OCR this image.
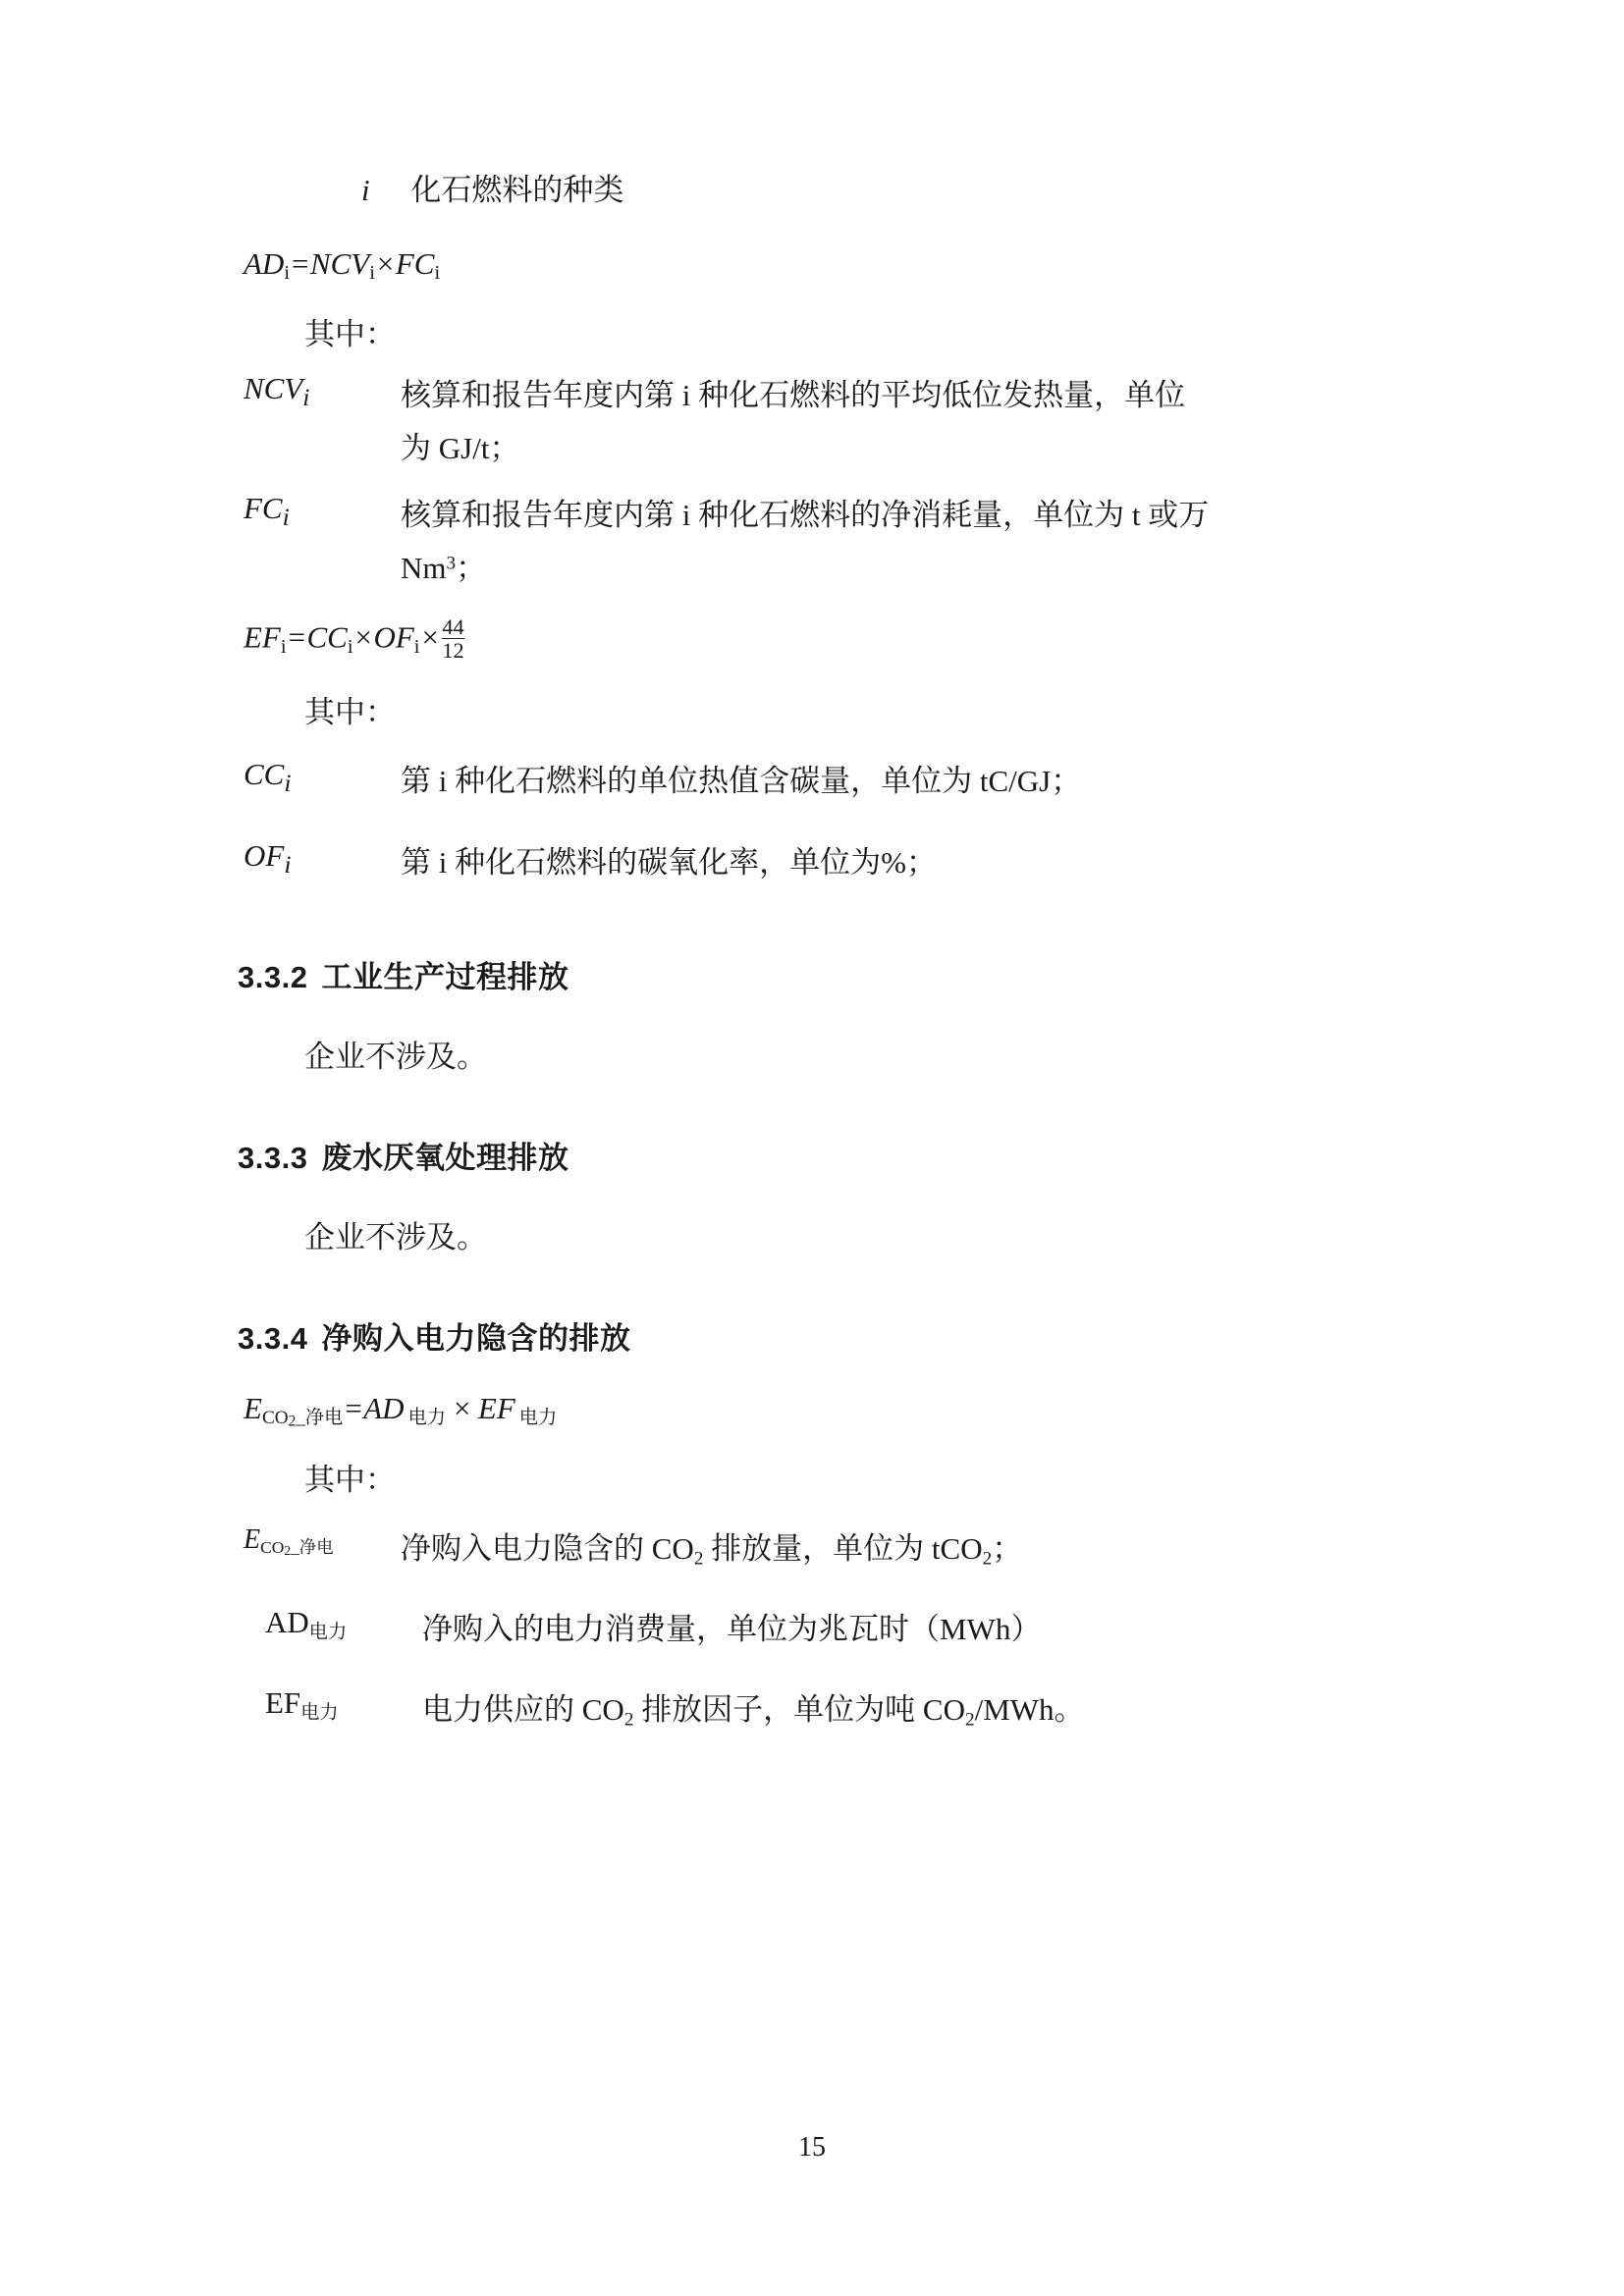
i 化石燃料的种类
$AD_i=NCV_i\times FC_i$
其中：
$NCV_i$	核算和报告年度内第 i 种化石燃料的平均低位发热量，单位
为 GJ/t；
$FC_i$	核算和报告年度内第 i 种化石燃料的净消耗量，单位为 t 或万
Nm$^3$；
$EF_i=CC_i\times OF_i\times \frac{44}{12}$
其中：
$CC_i$	第 i 种化石燃料的单位热值含碳量，单位为 tC/GJ；
$OF_i$	第 i 种化石燃料的碳氧化率，单位为%；
3.3.2 工业生产过程排放
企业不涉及。
3.3.3 废水厌氧处理排放
企业不涉及。
3.3.4 净购入电力隐含的排放
ECO2_净电=AD 电力 × EF 电力
其中：
ECO2_净电	净购入电力隐含的 CO2 排放量，单位为 tCO2；
AD电力	净购入的电力消费量，单位为兆瓦时（MWh）
EF电力	电力供应的 CO2 排放因子，单位为吨 CO2/MWh。
15
